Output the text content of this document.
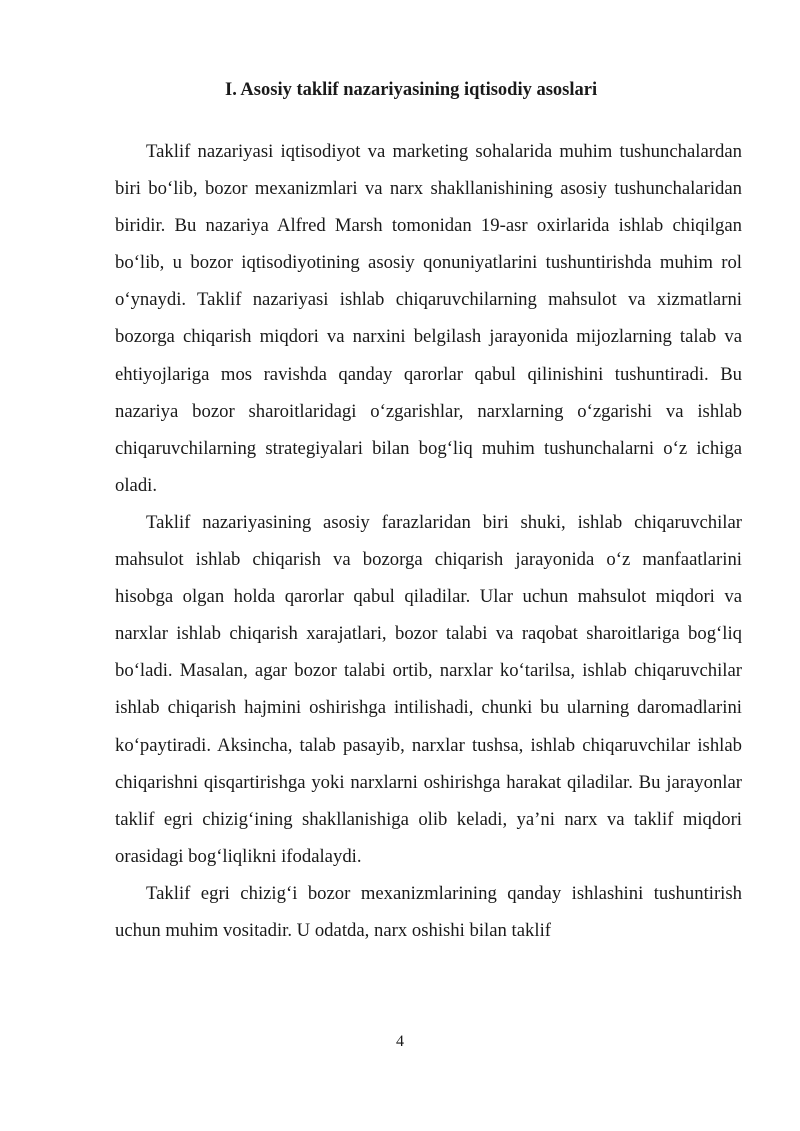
I. Asosiy taklif nazariyasining iqtisodiy asoslari

Taklif nazariyasi iqtisodiyot va marketing sohalarida muhim tushunchalardan biri bo‘lib, bozor mexanizmlari va narx shakllanishining asosiy tushunchalaridan biridir. Bu nazariya Alfred Marsh tomonidan 19-asr oxirlarida ishlab chiqilgan bo‘lib, u bozor iqtisodiyotining asosiy qonuniyatlarini tushuntirishda muhim rol o‘ynaydi. Taklif nazariyasi ishlab chiqaruvchilarning mahsulot va xizmatlarni bozorga chiqarish miqdori va narxini belgilash jarayonida mijozlarning talab va ehtiyojlariga mos ravishda qanday qarorlar qabul qilinishini tushuntiradi. Bu nazariya bozor sharoitlaridagi o‘zgarishlar, narxlarning o‘zgarishi va ishlab chiqaruvchilarning strategiyalari bilan bog‘liq muhim tushunchalarni o‘z ichiga oladi.

Taklif nazariyasining asosiy farazlaridan biri shuki, ishlab chiqaruvchilar mahsulot ishlab chiqarish va bozorga chiqarish jarayonida o‘z manfaatlarini hisobga olgan holda qarorlar qabul qiladilar. Ular uchun mahsulot miqdori va narxlar ishlab chiqarish xarajatlari, bozor talabi va raqobat sharoitlariga bog‘liq bo‘ladi. Masalan, agar bozor talabi ortib, narxlar ko‘tarilsa, ishlab chiqaruvchilar ishlab chiqarish hajmini oshirishga intilishadi, chunki bu ularning daromadlarini ko‘paytiradi. Aksincha, talab pasayib, narxlar tushsa, ishlab chiqaruvchilar ishlab chiqarishni qisqartirishga yoki narxlarni oshirishga harakat qiladilar. Bu jarayonlar taklif egri chizig‘ining shakllanishiga olib keladi, ya’ni narx va taklif miqdori orasidagi bog‘liqlikni ifodalaydi.

Taklif egri chizig‘i bozor mexanizmlarining qanday ishlashini tushuntirish uchun muhim vositadir. U odatda, narx oshishi bilan taklif

4
